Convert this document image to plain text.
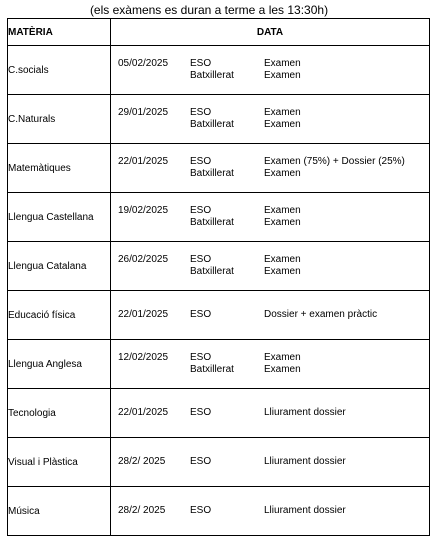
(els exàmens es duran a terme a les 13:30h)
MATÈRIA	DATA
C.socials	05/02/2025 ESO Examen
Batxillerat Examen

C.Naturals	29/01/2025 ESO Examen
Batxillerat Examen

Matemàtiques	22/01/2025 ESO Examen (75%) + Dossier (25%)
Batxillerat Examen

Llengua Castellana	19/02/2025 ESO Examen
Batxillerat Examen

Llengua Catalana	26/02/2025 ESO Examen
Batxillerat Examen

Educació física	22/01/2025 ESO Dossier + examen pràctic

Llengua Anglesa	12/02/2025 ESO Examen
Batxillerat Examen

Tecnologia	22/01/2025 ESO Lliurament dossier

Visual i Plàstica	28/2/ 2025 ESO Lliurament dossier

Música	28/2/ 2025 ESO Lliurament dossier
